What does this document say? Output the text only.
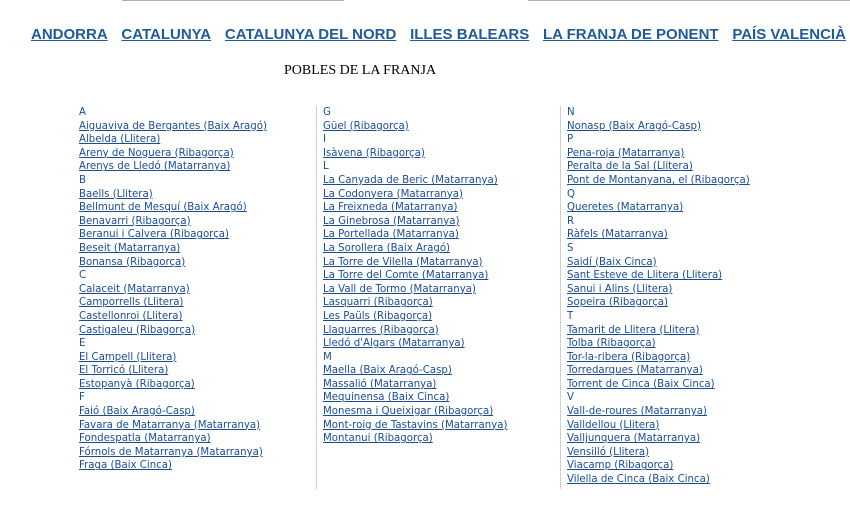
ANDORRA CATALUNYA CATALUNYA DEL NORD ILLES BALEARS LA FRANJA DE PONENT PAÍS VALENCIÀ
POBLES DE LA FRANJA
A
Aiguaviva de Bergantes (Baix Aragó)
Albelda (Llitera)
Areny de Noguera (Ribagorça)
Arenys de Lledó (Matarranya)
B
Baells (Llitera)
Bellmunt de Mesquí (Baix Aragó)
Benavarri (Ribagorça)
Beranui i Calvera (Ribagorça)
Beseit (Matarranya)
Bonansa (Ribagorça)
C
Calaceit (Matarranya)
Camporrells (Llitera)
Castellonroi (Llitera)
Castigaleu (Ribagorça)
E
El Campell (Llitera)
El Torricó (Llitera)
Estopanyà (Ribagorça)
F
Faió (Baix Aragó-Casp)
Favara de Matarranya (Matarranya)
Fondespatla (Matarranya)
Fórnols de Matarranya (Matarranya)
Fraga (Baix Cinca)
G
Güel (Ribagorça)
I
Isàvena (Ribagorça)
L
La Canyada de Beric (Matarranya)
La Codonyera (Matarranya)
La Freixneda (Matarranya)
La Ginebrosa (Matarranya)
La Portellada (Matarranya)
La Sorollera (Baix Aragó)
La Torre de Vilella (Matarranya)
La Torre del Comte (Matarranya)
La Vall de Tormo (Matarranya)
Lasquarri (Ribagorça)
Les Paüls (Ribagorça)
Llaquarres (Ribagorça)
Lledó d'Algars (Matarranya)
M
Maella (Baix Aragó-Casp)
Massalió (Matarranya)
Mequinensa (Baix Cinca)
Monesma i Queixigar (Ribagorça)
Mont-roig de Tastavins (Matarranya)
Montanui (Ribagorça)
N
Nonasp (Baix Aragó-Casp)
P
Pena-roja (Matarranya)
Peralta de la Sal (Llitera)
Pont de Montanyana, el (Ribagorça)
Q
Queretes (Matarranya)
R
Ràfels (Matarranya)
S
Saidí (Baix Cinca)
Sant Esteve de Llitera (Llitera)
Sanui i Alins (Llitera)
Sopeira (Ribagorça)
T
Tamarit de Llitera (Llitera)
Tolba (Ribagorça)
Tor-la-ribera (Ribagorça)
Torredarques (Matarranya)
Torrent de Cinca (Baix Cinca)
V
Vall-de-roures (Matarranya)
Valldellou (Llitera)
Valljunquera (Matarranya)
Vensilló (Llitera)
Viacamp (Ribagorça)
Vilella de Cinca (Baix Cinca)
